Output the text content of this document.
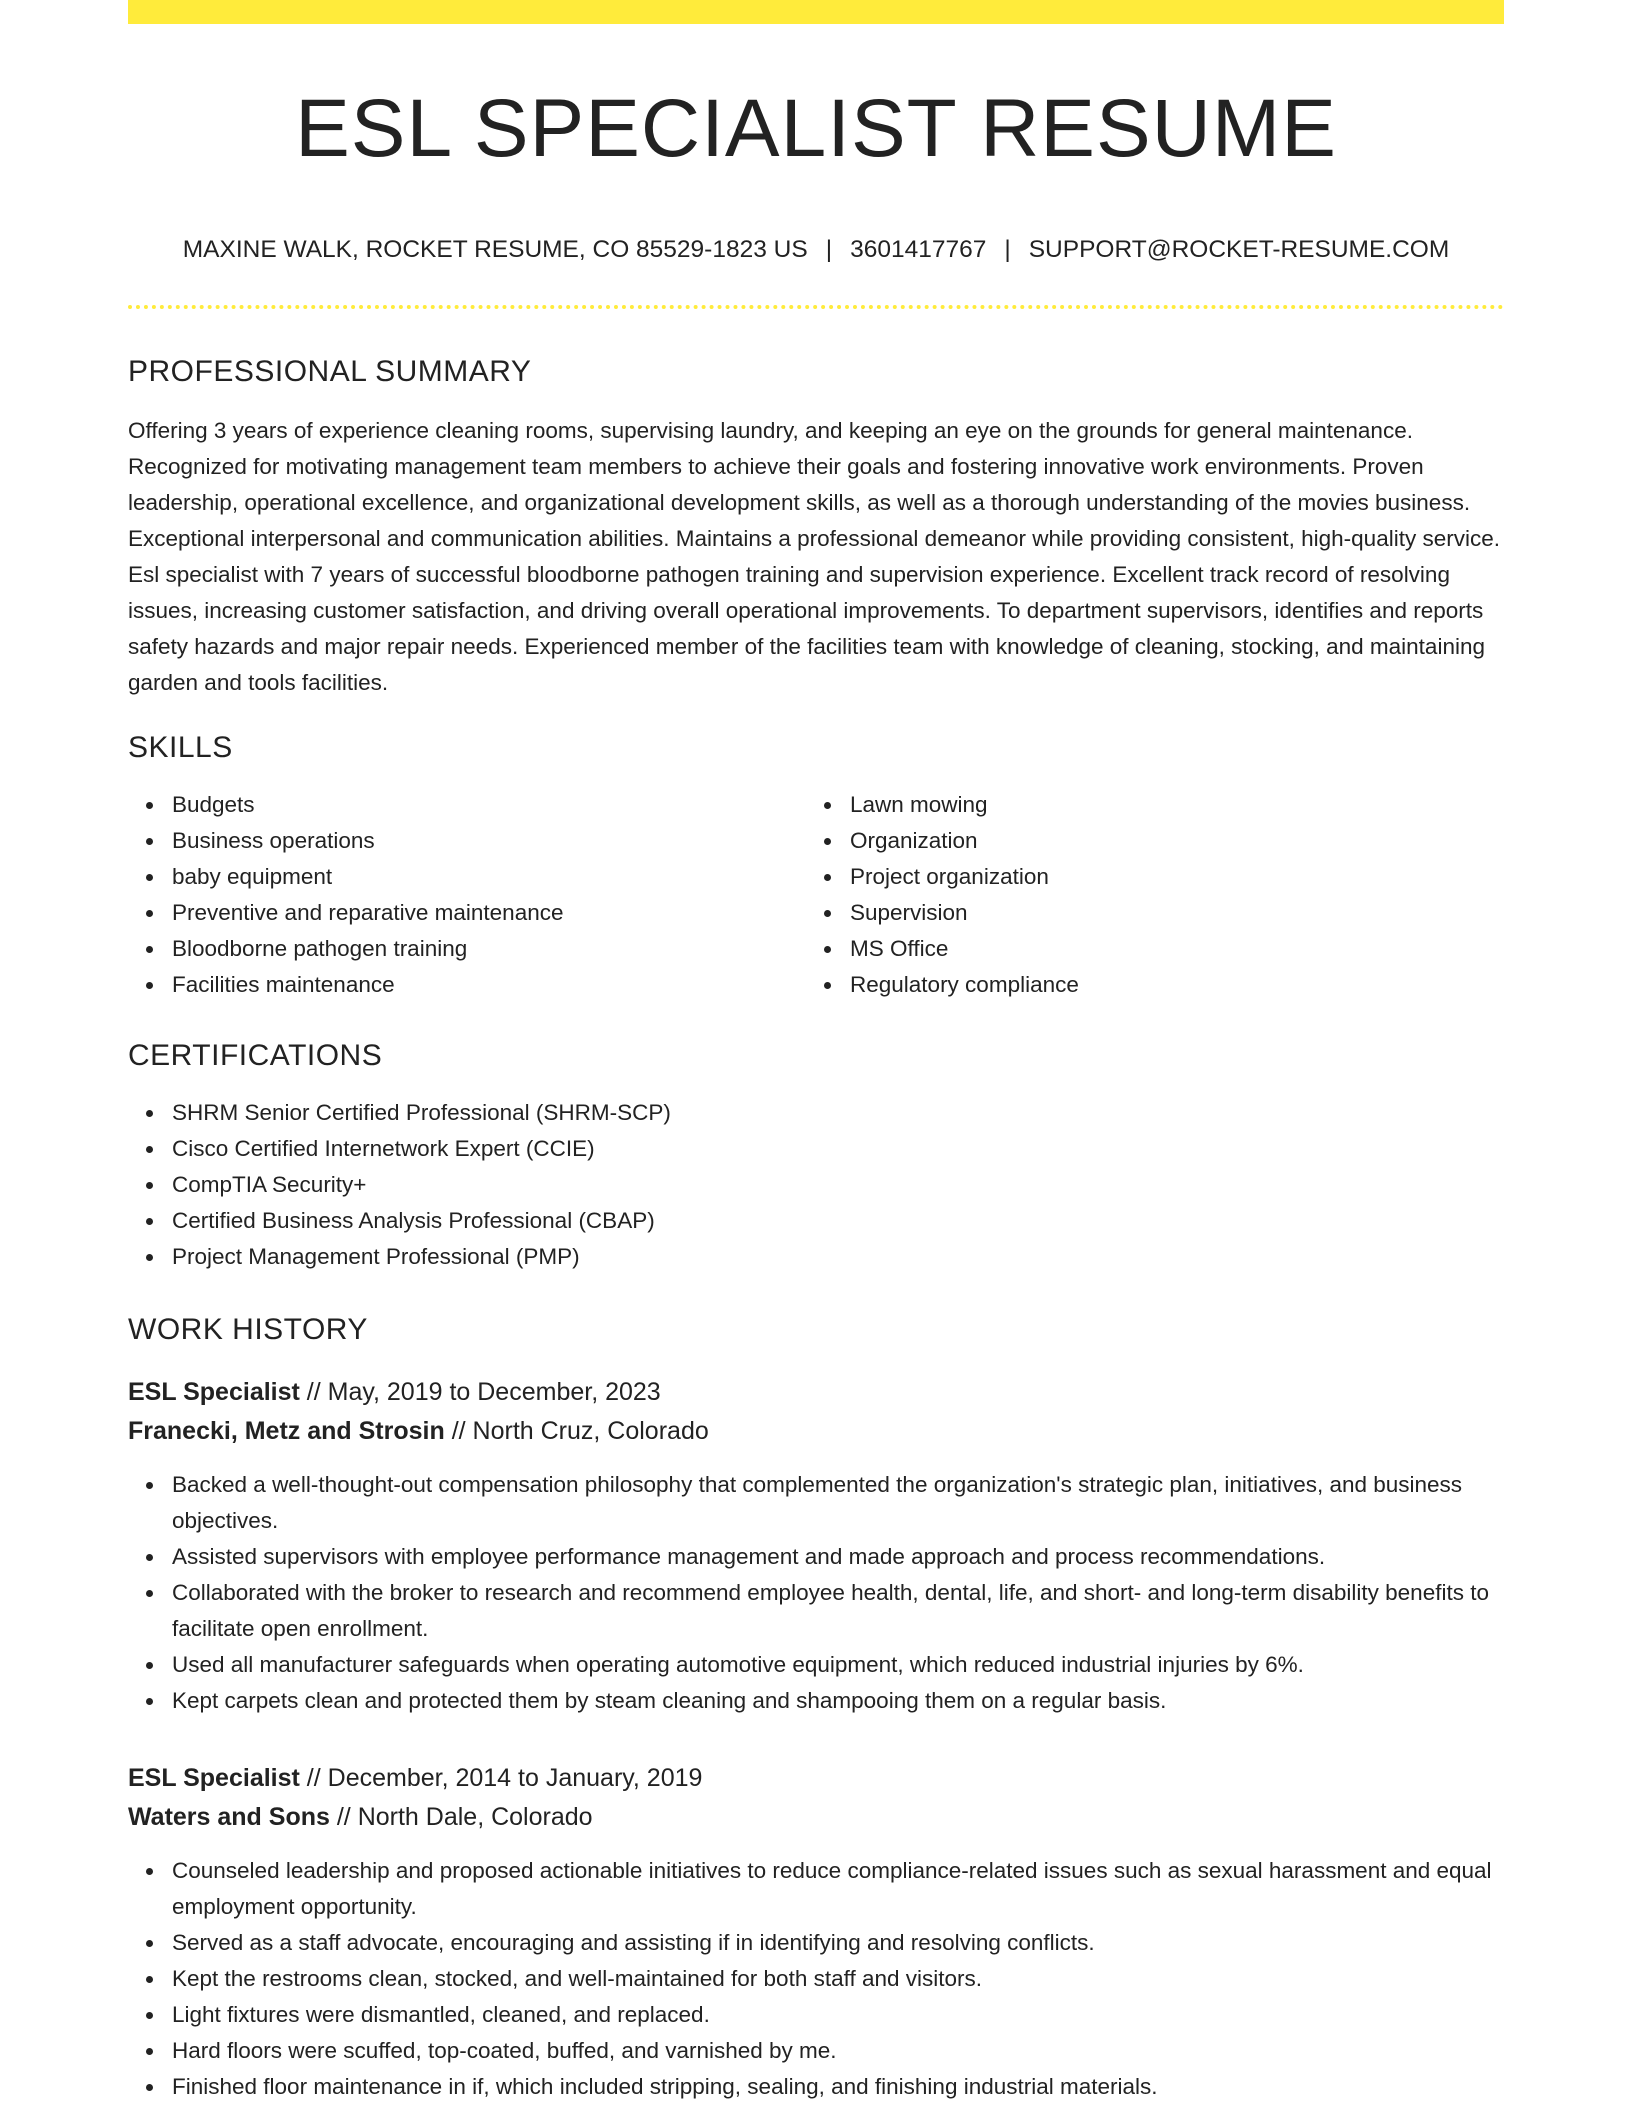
ESL SPECIALIST RESUME
MAXINE WALK, ROCKET RESUME, CO 85529-1823 US | 3601417767 | SUPPORT@ROCKET-RESUME.COM
PROFESSIONAL SUMMARY
Offering 3 years of experience cleaning rooms, supervising laundry, and keeping an eye on the grounds for general maintenance. Recognized for motivating management team members to achieve their goals and fostering innovative work environments. Proven leadership, operational excellence, and organizational development skills, as well as a thorough understanding of the movies business. Exceptional interpersonal and communication abilities. Maintains a professional demeanor while providing consistent, high-quality service. Esl specialist with 7 years of successful bloodborne pathogen training and supervision experience. Excellent track record of resolving issues, increasing customer satisfaction, and driving overall operational improvements. To department supervisors, identifies and reports safety hazards and major repair needs. Experienced member of the facilities team with knowledge of cleaning, stocking, and maintaining garden and tools facilities.
SKILLS
Budgets
Business operations
baby equipment
Preventive and reparative maintenance
Bloodborne pathogen training
Facilities maintenance
Lawn mowing
Organization
Project organization
Supervision
MS Office
Regulatory compliance
CERTIFICATIONS
SHRM Senior Certified Professional (SHRM-SCP)
Cisco Certified Internetwork Expert (CCIE)
CompTIA Security+
Certified Business Analysis Professional (CBAP)
Project Management Professional (PMP)
WORK HISTORY
ESL Specialist // May, 2019 to December, 2023
Franecki, Metz and Strosin // North Cruz, Colorado
Backed a well-thought-out compensation philosophy that complemented the organization's strategic plan, initiatives, and business objectives.
Assisted supervisors with employee performance management and made approach and process recommendations.
Collaborated with the broker to research and recommend employee health, dental, life, and short- and long-term disability benefits to facilitate open enrollment.
Used all manufacturer safeguards when operating automotive equipment, which reduced industrial injuries by 6%.
Kept carpets clean and protected them by steam cleaning and shampooing them on a regular basis.
ESL Specialist // December, 2014 to January, 2019
Waters and Sons // North Dale, Colorado
Counseled leadership and proposed actionable initiatives to reduce compliance-related issues such as sexual harassment and equal employment opportunity.
Served as a staff advocate, encouraging and assisting if in identifying and resolving conflicts.
Kept the restrooms clean, stocked, and well-maintained for both staff and visitors.
Light fixtures were dismantled, cleaned, and replaced.
Hard floors were scuffed, top-coated, buffed, and varnished by me.
Finished floor maintenance in if, which included stripping, sealing, and finishing industrial materials.
